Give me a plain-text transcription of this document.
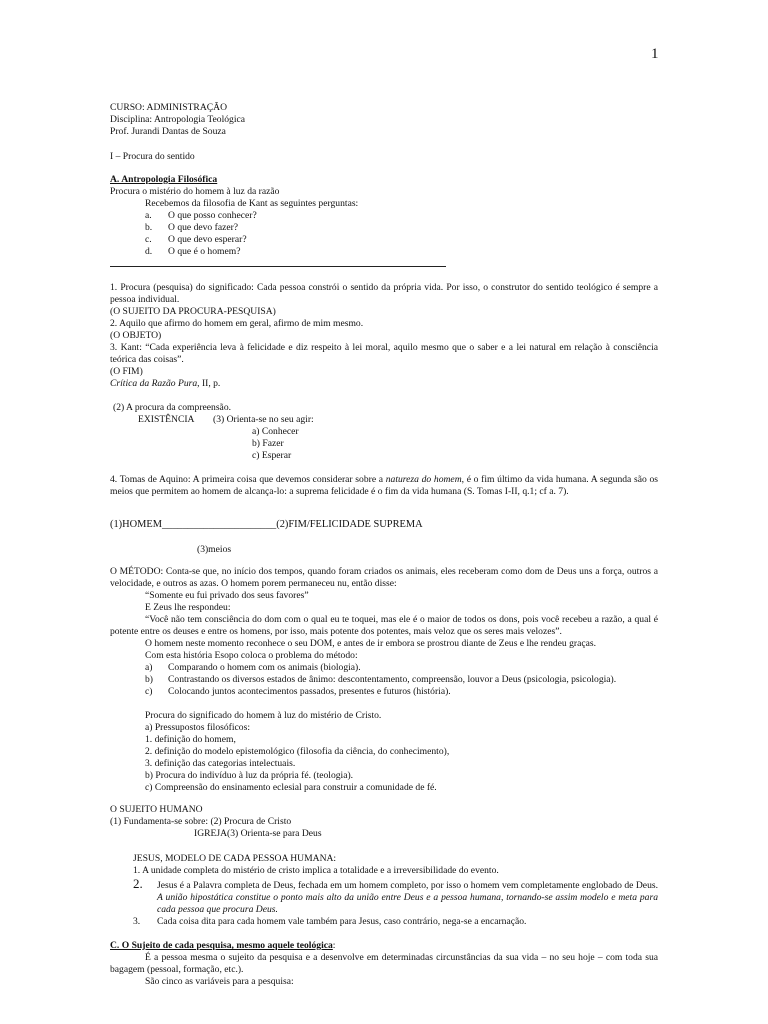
1
CURSO: ADMINISTRAÇÃO
Disciplina: Antropologia Teológica
Prof. Jurandi Dantas de Souza
I – Procura do sentido
A. Antropologia Filosófica
Procura o mistério do homem à luz da razão
Recebemos da filosofia de Kant as seguintes perguntas:
a. O que posso conhecer?
b. O que devo fazer?
c. O que devo esperar?
d. O que é o homem?
1. Procura (pesquisa) do significado: Cada pessoa constrói o sentido da própria vida. Por isso, o construtor do sentido teológico é sempre a pessoa individual.
(O SUJEITO DA PROCURA-PESQUISA)
2. Aquilo que afirmo do homem em geral, afirmo de mim mesmo.
(O OBJETO)
3. Kant: “Cada experiência leva à felicidade e diz respeito à lei moral, aquilo mesmo que o saber e a lei natural em relação à consciência teórica das coisas”.
(O FIM)
Crítica da Razão Pura, II, p.
(2) A procura da compreensão.
EXISTÊNCIA (3) Orienta-se no seu agir:
a) Conhecer
b) Fazer
c) Esperar
4. Tomas de Aquino: A primeira coisa que devemos considerar sobre a natureza do homem, é o fim último da vida humana. A segunda são os meios que permitem ao homem de alcança-lo: a suprema felicidade é o fim da vida humana (S. Tomas I-II, q.1; cf a. 7).
(1)HOMEM______________________(2)FIM/FELICIDADE SUPREMA
(3)meios
O MÉTODO: Conta-se que, no início dos tempos, quando foram criados os animais, eles receberam como dom de Deus uns a força, outros a velocidade, e outros as azas. O homem porem permaneceu nu, então disse:
“Somente eu fui privado dos seus favores”
E Zeus lhe respondeu:
“Você não tem consciência do dom com o qual eu te toquei, mas ele é o maior de todos os dons, pois você recebeu a razão, a qual é potente entre os deuses e entre os homens, por isso, mais potente dos potentes, mais veloz que os seres mais velozes”.
O homem neste momento reconhece o seu DOM, e antes de ir embora se prostrou diante de Zeus e lhe rendeu graças.
Com esta história Esopo coloca o problema do método:
a) Comparando o homem com os animais (biologia).
b) Contrastando os diversos estados de ânimo: descontentamento, compreensão, louvor a Deus (psicologia, psicologia).
c) Colocando juntos acontecimentos passados, presentes e futuros (história).
Procura do significado do homem à luz do mistério de Cristo.
a) Pressupostos filosóficos:
1. definição do homem,
2. definição do modelo epistemológico (filosofia da ciência, do conhecimento),
3. definição das categorias intelectuais.
b) Procura do indivíduo à luz da própria fé. (teologia).
c) Compreensão do ensinamento eclesial para construir a comunidade de fé.
O SUJEITO HUMANO
(1) Fundamenta-se sobre: (2) Procura de Cristo
IGREJA (3) Orienta-se para Deus
JESUS, MODELO DE CADA PESSOA HUMANA:
1. A unidade completa do mistério de cristo implica a totalidade e a irreversibilidade do evento.
2. Jesus é a Palavra completa de Deus, fechada em um homem completo, por isso o homem vem completamente englobado de Deus. A união hipostática constitue o ponto mais alto da união entre Deus e a pessoa humana, tornando-se assim modelo e meta para cada pessoa que procura Deus.
3. Cada coisa dita para cada homem vale também para Jesus, caso contrário, nega-se a encarnação.
C. O Sujeito de cada pesquisa, mesmo aquele teológica:
É a pessoa mesma o sujeito da pesquisa e a desenvolve em determinadas circunstâncias da sua vida – no seu hoje – com toda sua bagagem (pessoal, formação, etc.).
São cinco as variáveis para a pesquisa:
